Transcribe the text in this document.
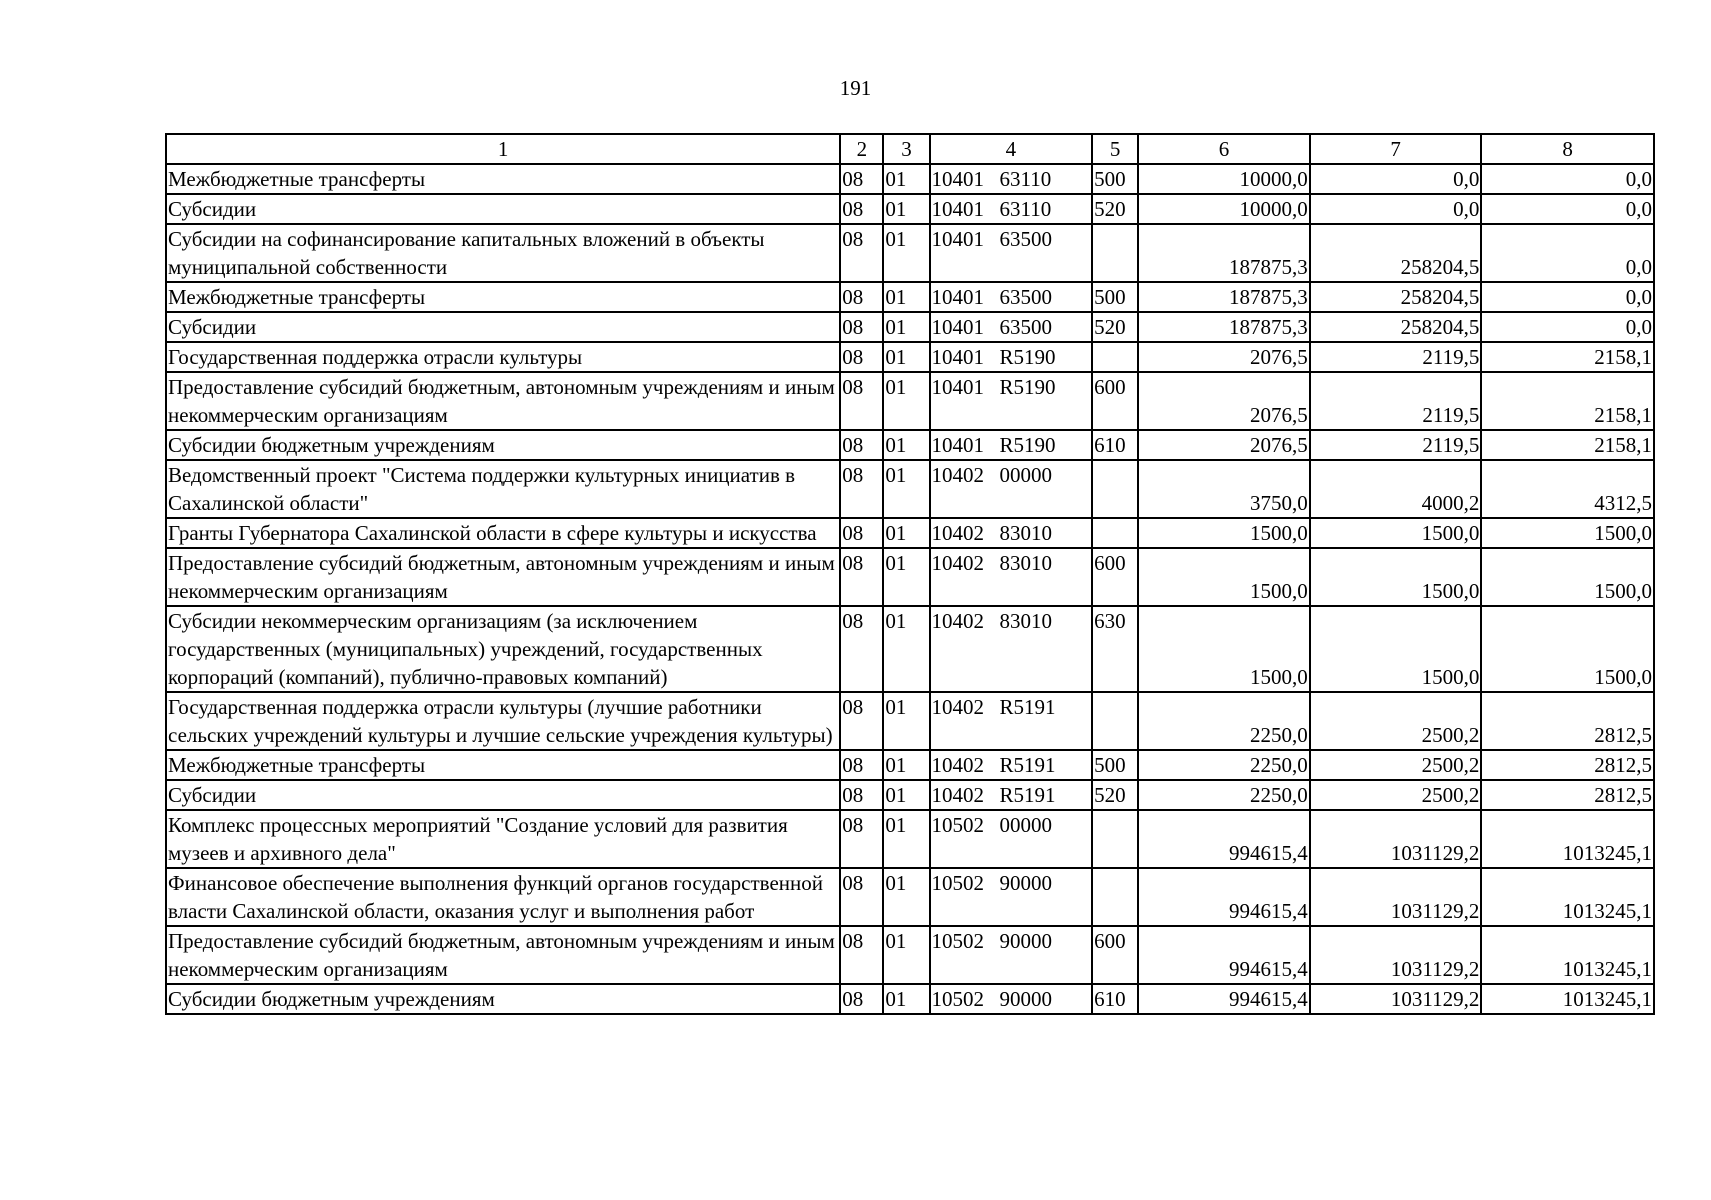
191
1	2	3	4	5	6	7	8
Межбюджетные трансферты	08	01	10401 63110	500	10000,0	0,0	0,0
Субсидии	08	01	10401 63110	520	10000,0	0,0	0,0
Субсидии на софинансирование капитальных вложений в объекты муниципальной собственности	08	01	10401 63500		187875,3	258204,5	0,0
Межбюджетные трансферты	08	01	10401 63500	500	187875,3	258204,5	0,0
Субсидии	08	01	10401 63500	520	187875,3	258204,5	0,0
Государственная поддержка отрасли культуры	08	01	10401 R5190		2076,5	2119,5	2158,1
Предоставление субсидий бюджетным, автономным учреждениям и иным некоммерческим организациям	08	01	10401 R5190	600	2076,5	2119,5	2158,1
Субсидии бюджетным учреждениям	08	01	10401 R5190	610	2076,5	2119,5	2158,1
Ведомственный проект "Система поддержки культурных инициатив в Сахалинской области"	08	01	10402 00000		3750,0	4000,2	4312,5
Гранты Губернатора Сахалинской области в сфере культуры и искусства	08	01	10402 83010		1500,0	1500,0	1500,0
Предоставление субсидий бюджетным, автономным учреждениям и иным некоммерческим организациям	08	01	10402 83010	600	1500,0	1500,0	1500,0
Субсидии некоммерческим организациям (за исключением государственных (муниципальных) учреждений, государственных корпораций (компаний), публично-правовых компаний)	08	01	10402 83010	630	1500,0	1500,0	1500,0
Государственная поддержка отрасли культуры (лучшие работники сельских учреждений культуры и лучшие сельские учреждения культуры)	08	01	10402 R5191		2250,0	2500,2	2812,5
Межбюджетные трансферты	08	01	10402 R5191	500	2250,0	2500,2	2812,5
Субсидии	08	01	10402 R5191	520	2250,0	2500,2	2812,5
Комплекс процессных мероприятий "Создание условий для развития музеев и архивного дела"	08	01	10502 00000		994615,4	1031129,2	1013245,1
Финансовое обеспечение выполнения функций органов государственной власти Сахалинской области, оказания услуг и выполнения работ	08	01	10502 90000		994615,4	1031129,2	1013245,1
Предоставление субсидий бюджетным, автономным учреждениям и иным некоммерческим организациям	08	01	10502 90000	600	994615,4	1031129,2	1013245,1
Субсидии бюджетным учреждениям	08	01	10502 90000	610	994615,4	1031129,2	1013245,1
